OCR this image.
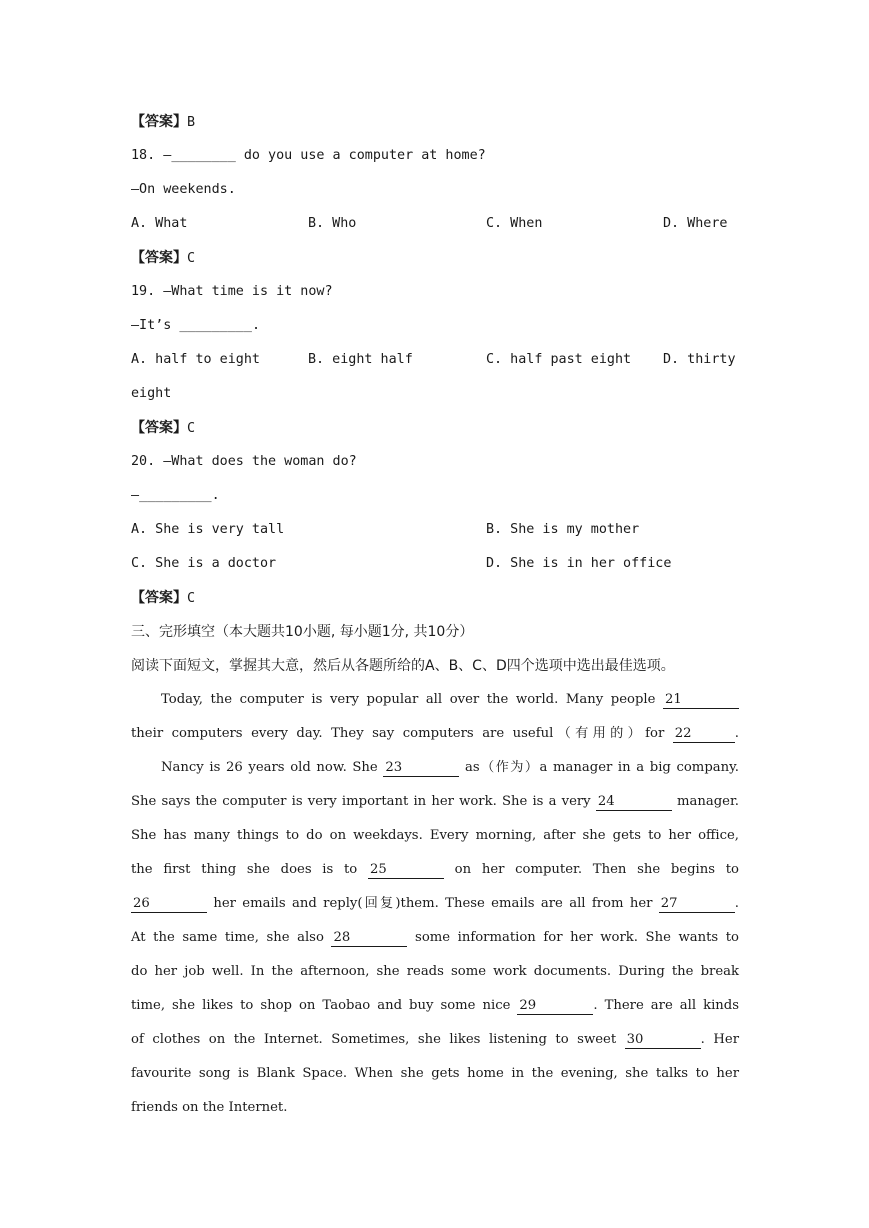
【答案】B
18. —________ do you use a computer at home?
—On weekends.
A. What	B. Who	C. When	D. Where
【答案】C
19. —What time is it now?
—It’s _________.
A. half to eight	B. eight half	C. half past eight D. thirty
eight
【答案】C
20. —What does the woman do?
—_________.
A. She is very tall	B. She is my mother
C. She is a doctor	D. She is in her office
【答案】C
三、完形填空（本大题共10小题, 每小题1分, 共10分）
阅读下面短文，掌握其大意，然后从各题所给的A、B、C、D四个选项中选出最佳选项。
Today, the computer is very popular all over the world. Many people 21
their computers every day. They say computers are useful（有用的）for 22	.
Nancy is 26 years old now. She 23	as（作为）a manager in a big company.
She says the computer is very important in her work. She is a very 24	manager.
She has many things to do on weekdays. Every morning, after she gets to her office,
the first thing she does is to 25	on her computer. Then she begins to
26	her emails and reply(回复)them. These emails are all from her 27	.
At the same time, she also 28	some information for her work. She wants to
do her job well. In the afternoon, she reads some work documents. During the break
time, she likes to shop on Taobao and buy some nice 29	. There are all kinds
of clothes on the Internet. Sometimes, she likes listening to sweet 30	. Her
favourite song is Blank Space. When she gets home in the evening, she talks to her
friends on the Internet.
